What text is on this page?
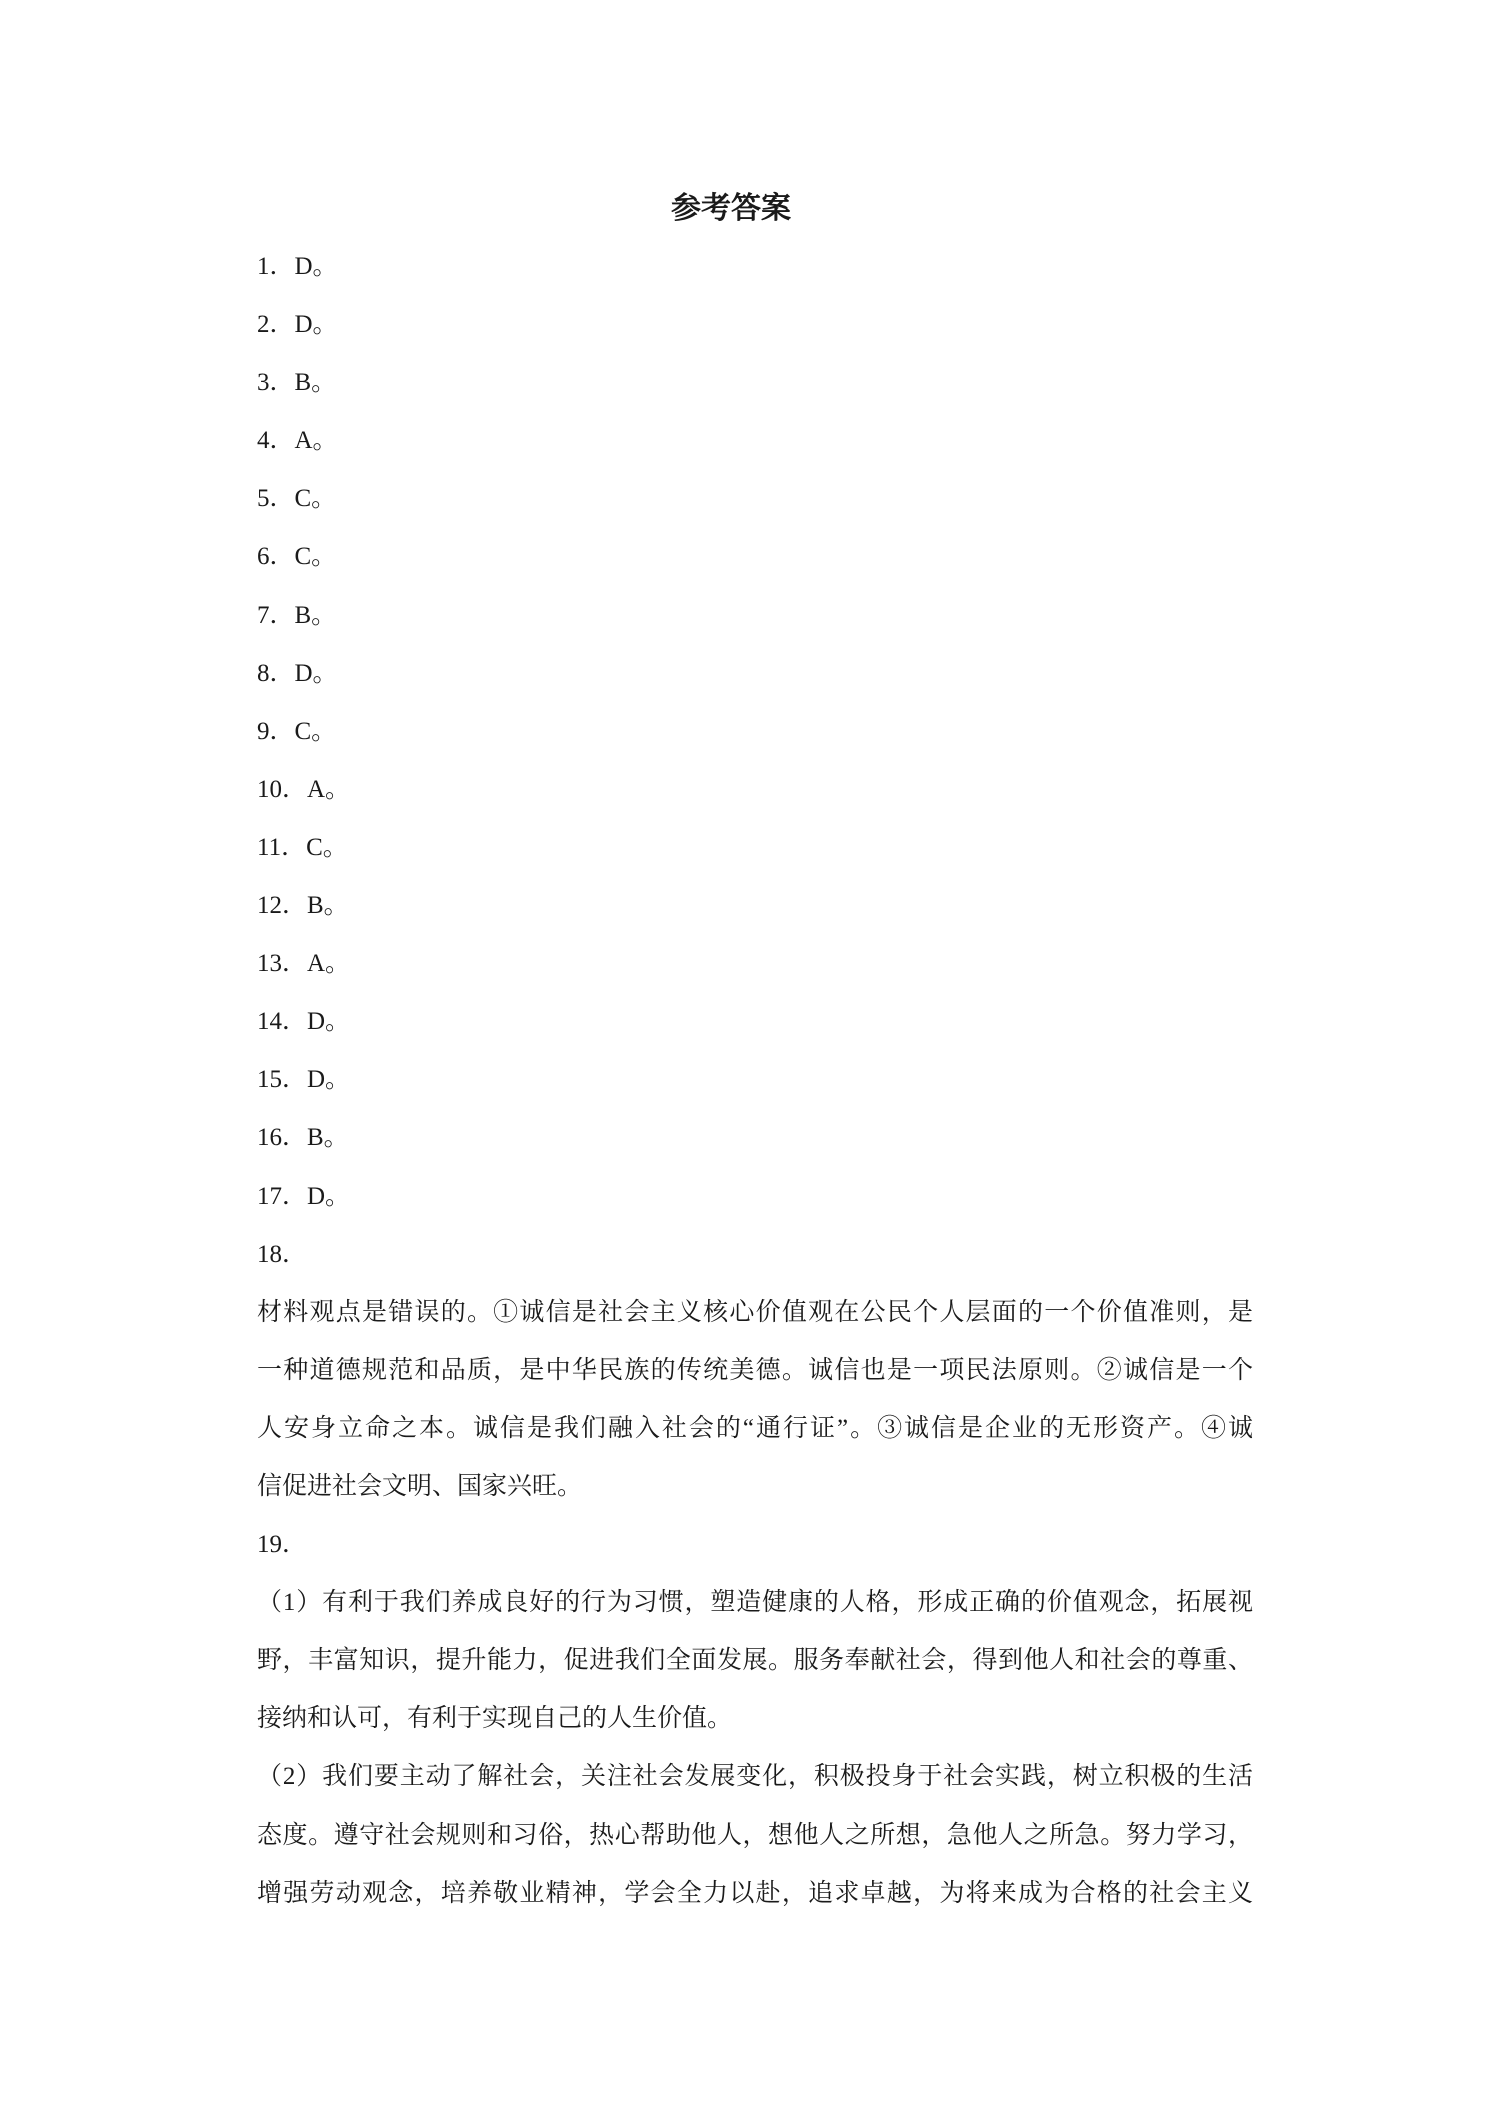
参考答案
1．D。
2．D。
3．B。
4．A。
5．C。
6．C。
7．B。
8．D。
9．C。
10．A。
11．C。
12．B。
13．A。
14．D。
15．D。
16．B。
17．D。
18．
材料观点是错误的。①诚信是社会主义核心价值观在公民个人层面的一个价值准则，是
一种道德规范和品质，是中华民族的传统美德。诚信也是一项民法原则。②诚信是一个
人安身立命之本。诚信是我们融入社会的“通行证”。③诚信是企业的无形资产。④诚
信促进社会文明、国家兴旺。
19．
（1）有利于我们养成良好的行为习惯，塑造健康的人格，形成正确的价值观念，拓展视
野，丰富知识，提升能力，促进我们全面发展。服务奉献社会，得到他人和社会的尊重、
接纳和认可，有利于实现自己的人生价值。
（2）我们要主动了解社会，关注社会发展变化，积极投身于社会实践，树立积极的生活
态度。遵守社会规则和习俗，热心帮助他人，想他人之所想，急他人之所急。努力学习，
增强劳动观念，培养敬业精神，学会全力以赴，追求卓越，为将来成为合格的社会主义
